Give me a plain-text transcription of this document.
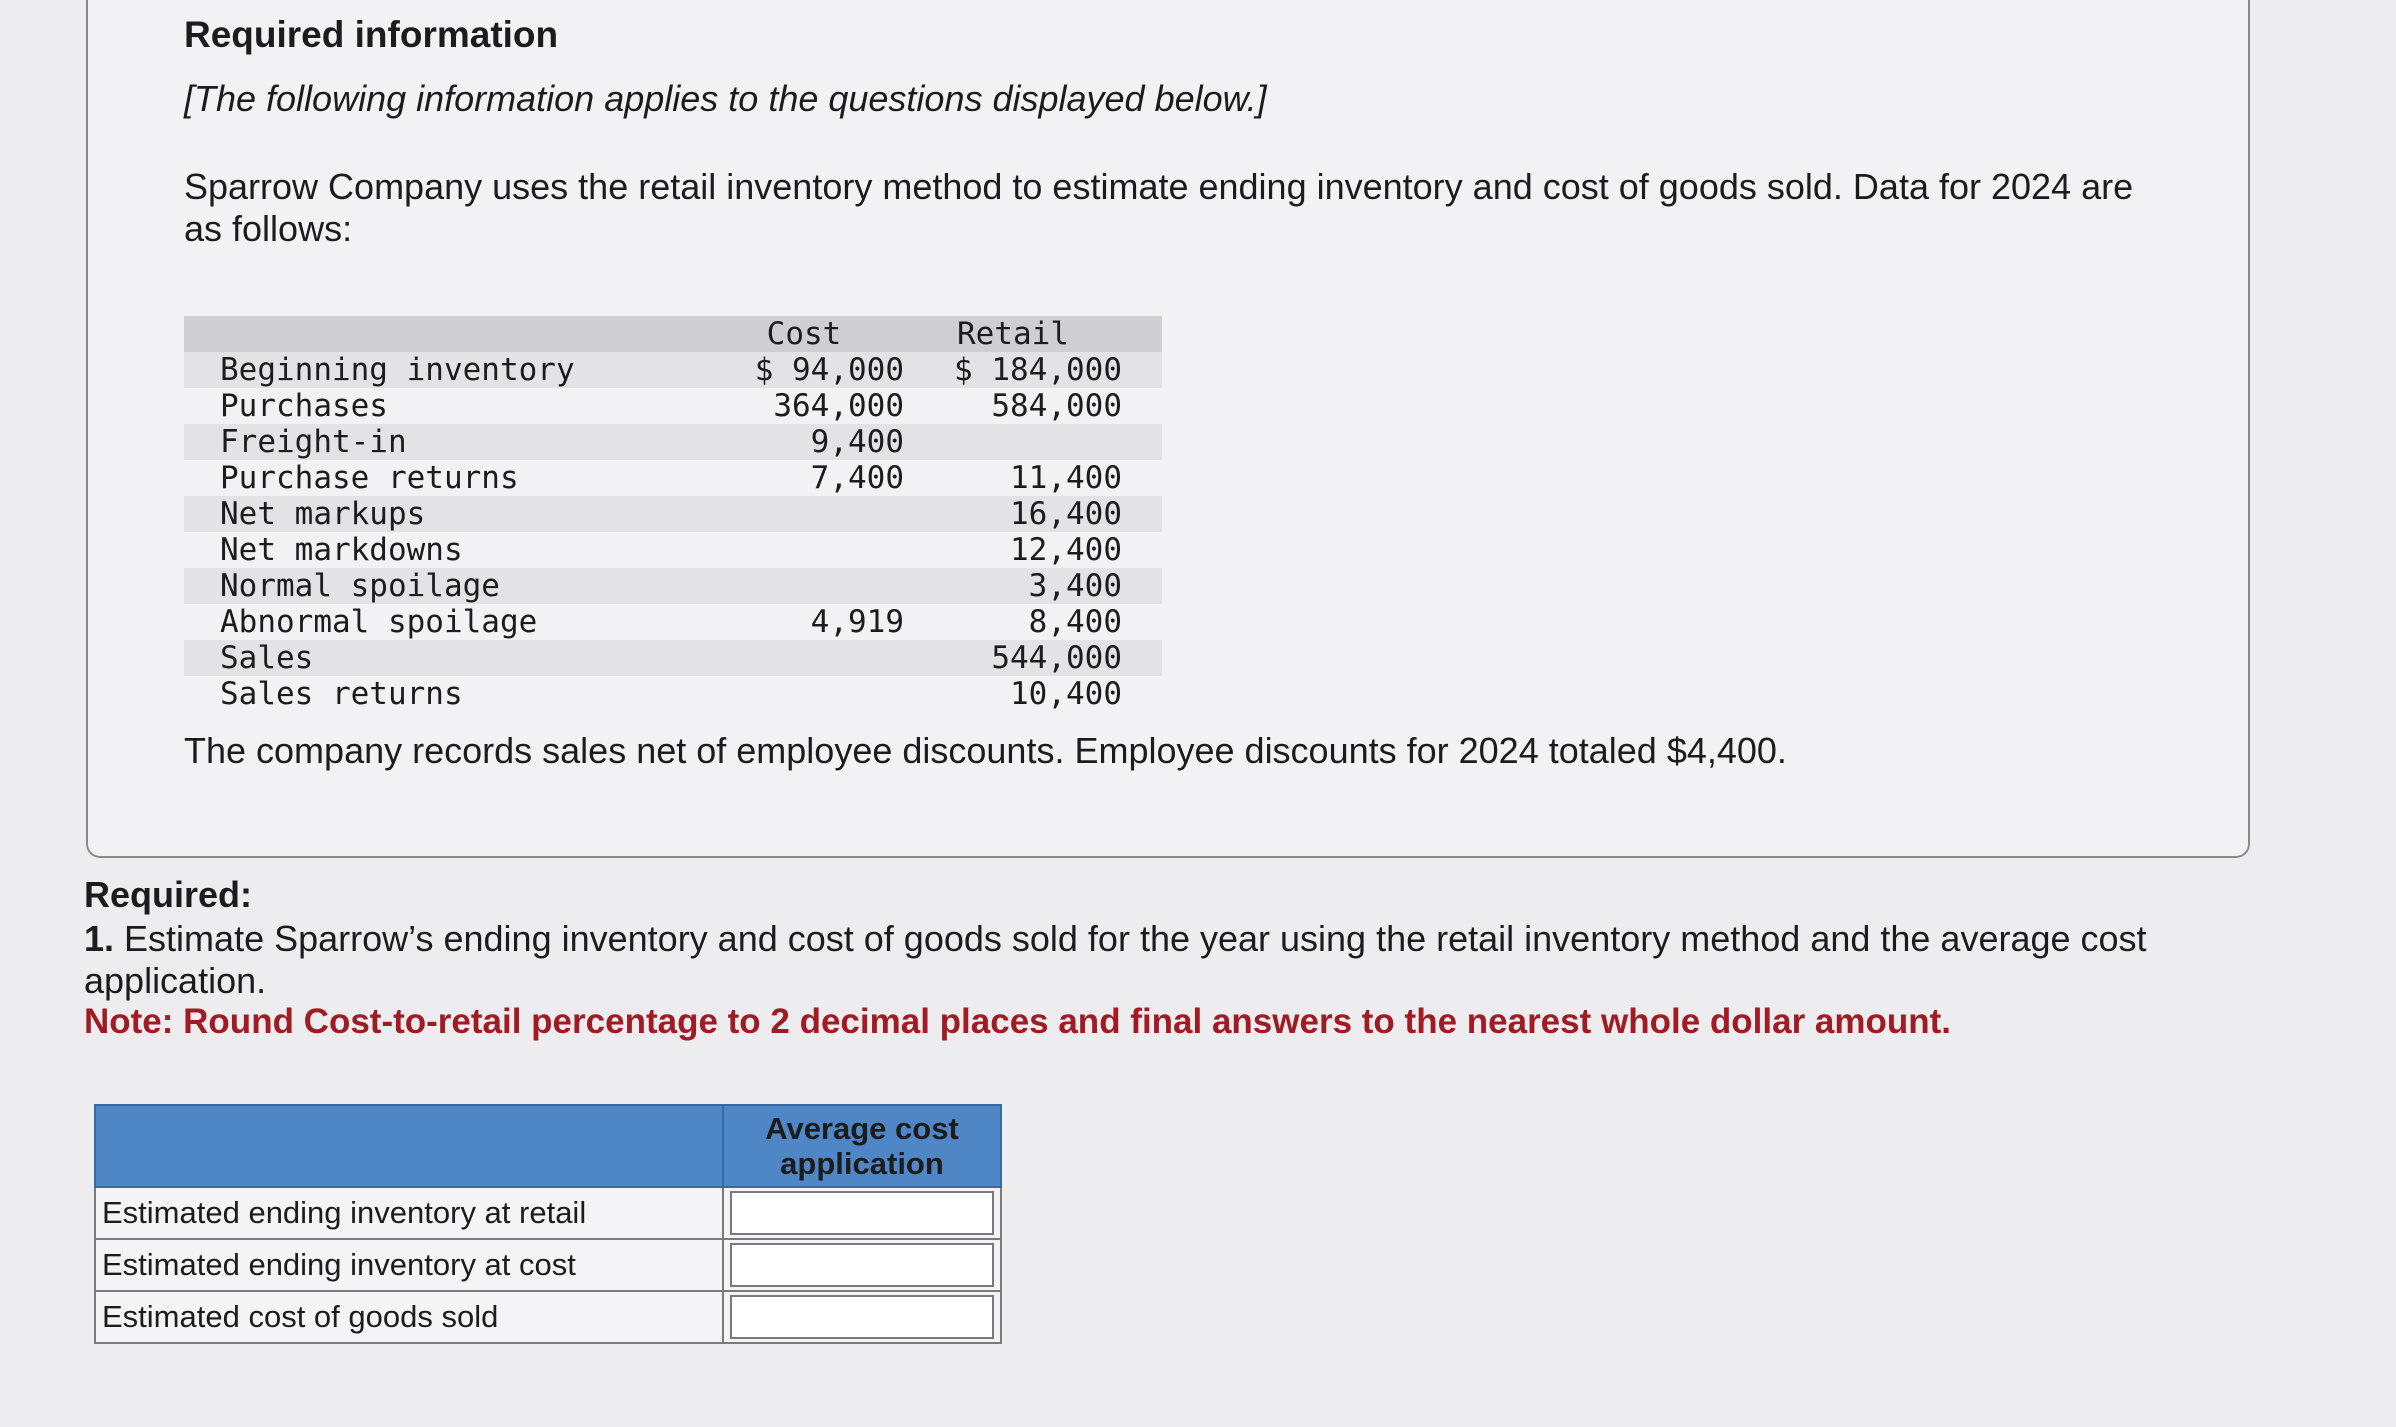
Required information
[The following information applies to the questions displayed below.]
Sparrow Company uses the retail inventory method to estimate ending inventory and cost of goods sold. Data for 2024 are as follows:
	Cost	Retail
Beginning inventory	$ 94,000	$ 184,000
Purchases	364,000	584,000
Freight-in	9,400	
Purchase returns	7,400	11,400
Net markups		16,400
Net markdowns		12,400
Normal spoilage		3,400
Abnormal spoilage	4,919	8,400
Sales		544,000
Sales returns		10,400
The company records sales net of employee discounts. Employee discounts for 2024 totaled $4,400.
Required:
1. Estimate Sparrow’s ending inventory and cost of goods sold for the year using the retail inventory method and the average cost application.
Note: Round Cost-to-retail percentage to 2 decimal places and final answers to the nearest whole dollar amount.
	Average cost application
Estimated ending inventory at retail	

Estimated ending inventory at cost	

Estimated cost of goods sold	
